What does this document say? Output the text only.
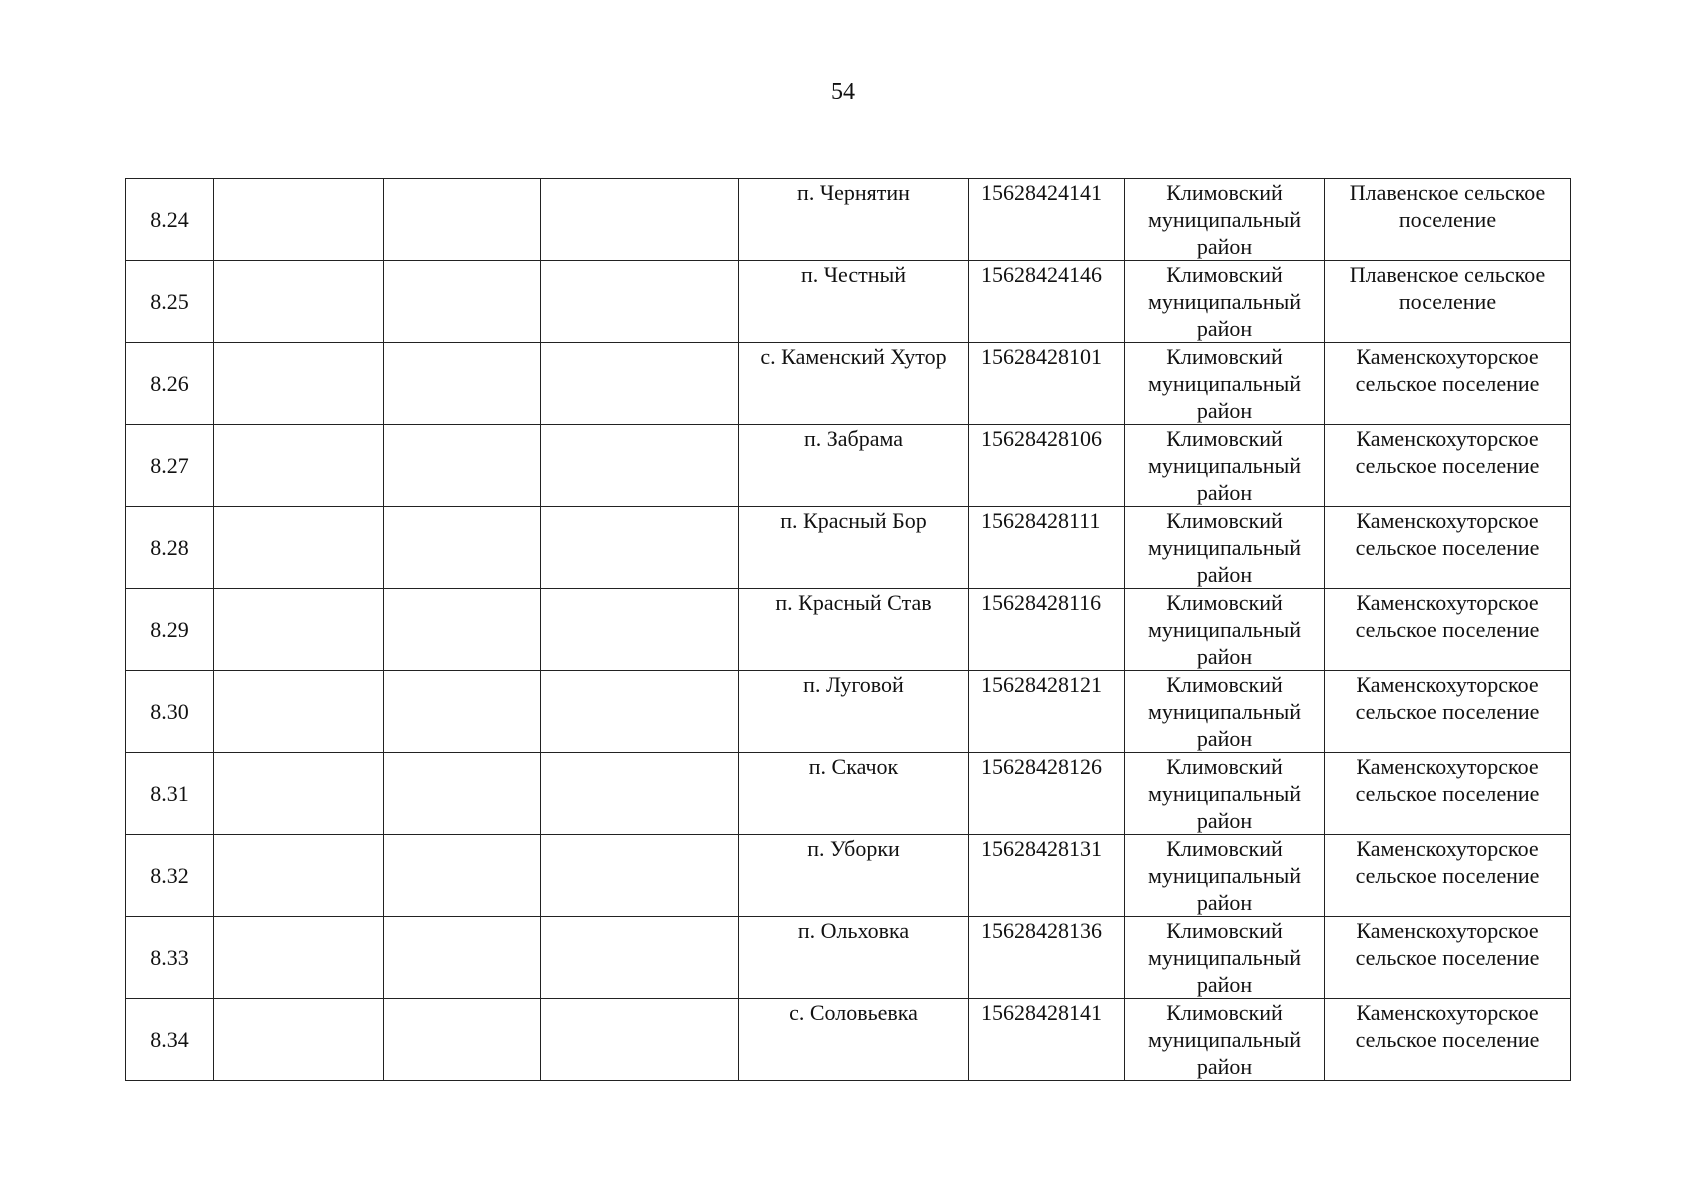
54
8.24				п. Чернятин	15628424141	Климовский муниципальный район	Плавенское сельское поселение
8.25				п. Честный	15628424146	Климовский муниципальный район	Плавенское сельское поселение
8.26				с. Каменский Хутор	15628428101	Климовский муниципальный район	Каменскохуторское сельское поселение
8.27				п. Забрама	15628428106	Климовский муниципальный район	Каменскохуторское сельское поселение
8.28				п. Красный Бор	15628428111	Климовский муниципальный район	Каменскохуторское сельское поселение
8.29				п. Красный Став	15628428116	Климовский муниципальный район	Каменскохуторское сельское поселение
8.30				п. Луговой	15628428121	Климовский муниципальный район	Каменскохуторское сельское поселение
8.31				п. Скачок	15628428126	Климовский муниципальный район	Каменскохуторское сельское поселение
8.32				п. Уборки	15628428131	Климовский муниципальный район	Каменскохуторское сельское поселение
8.33				п. Ольховка	15628428136	Климовский муниципальный район	Каменскохуторское сельское поселение
8.34				с. Соловьевка	15628428141	Климовский муниципальный район	Каменскохуторское сельское поселение
